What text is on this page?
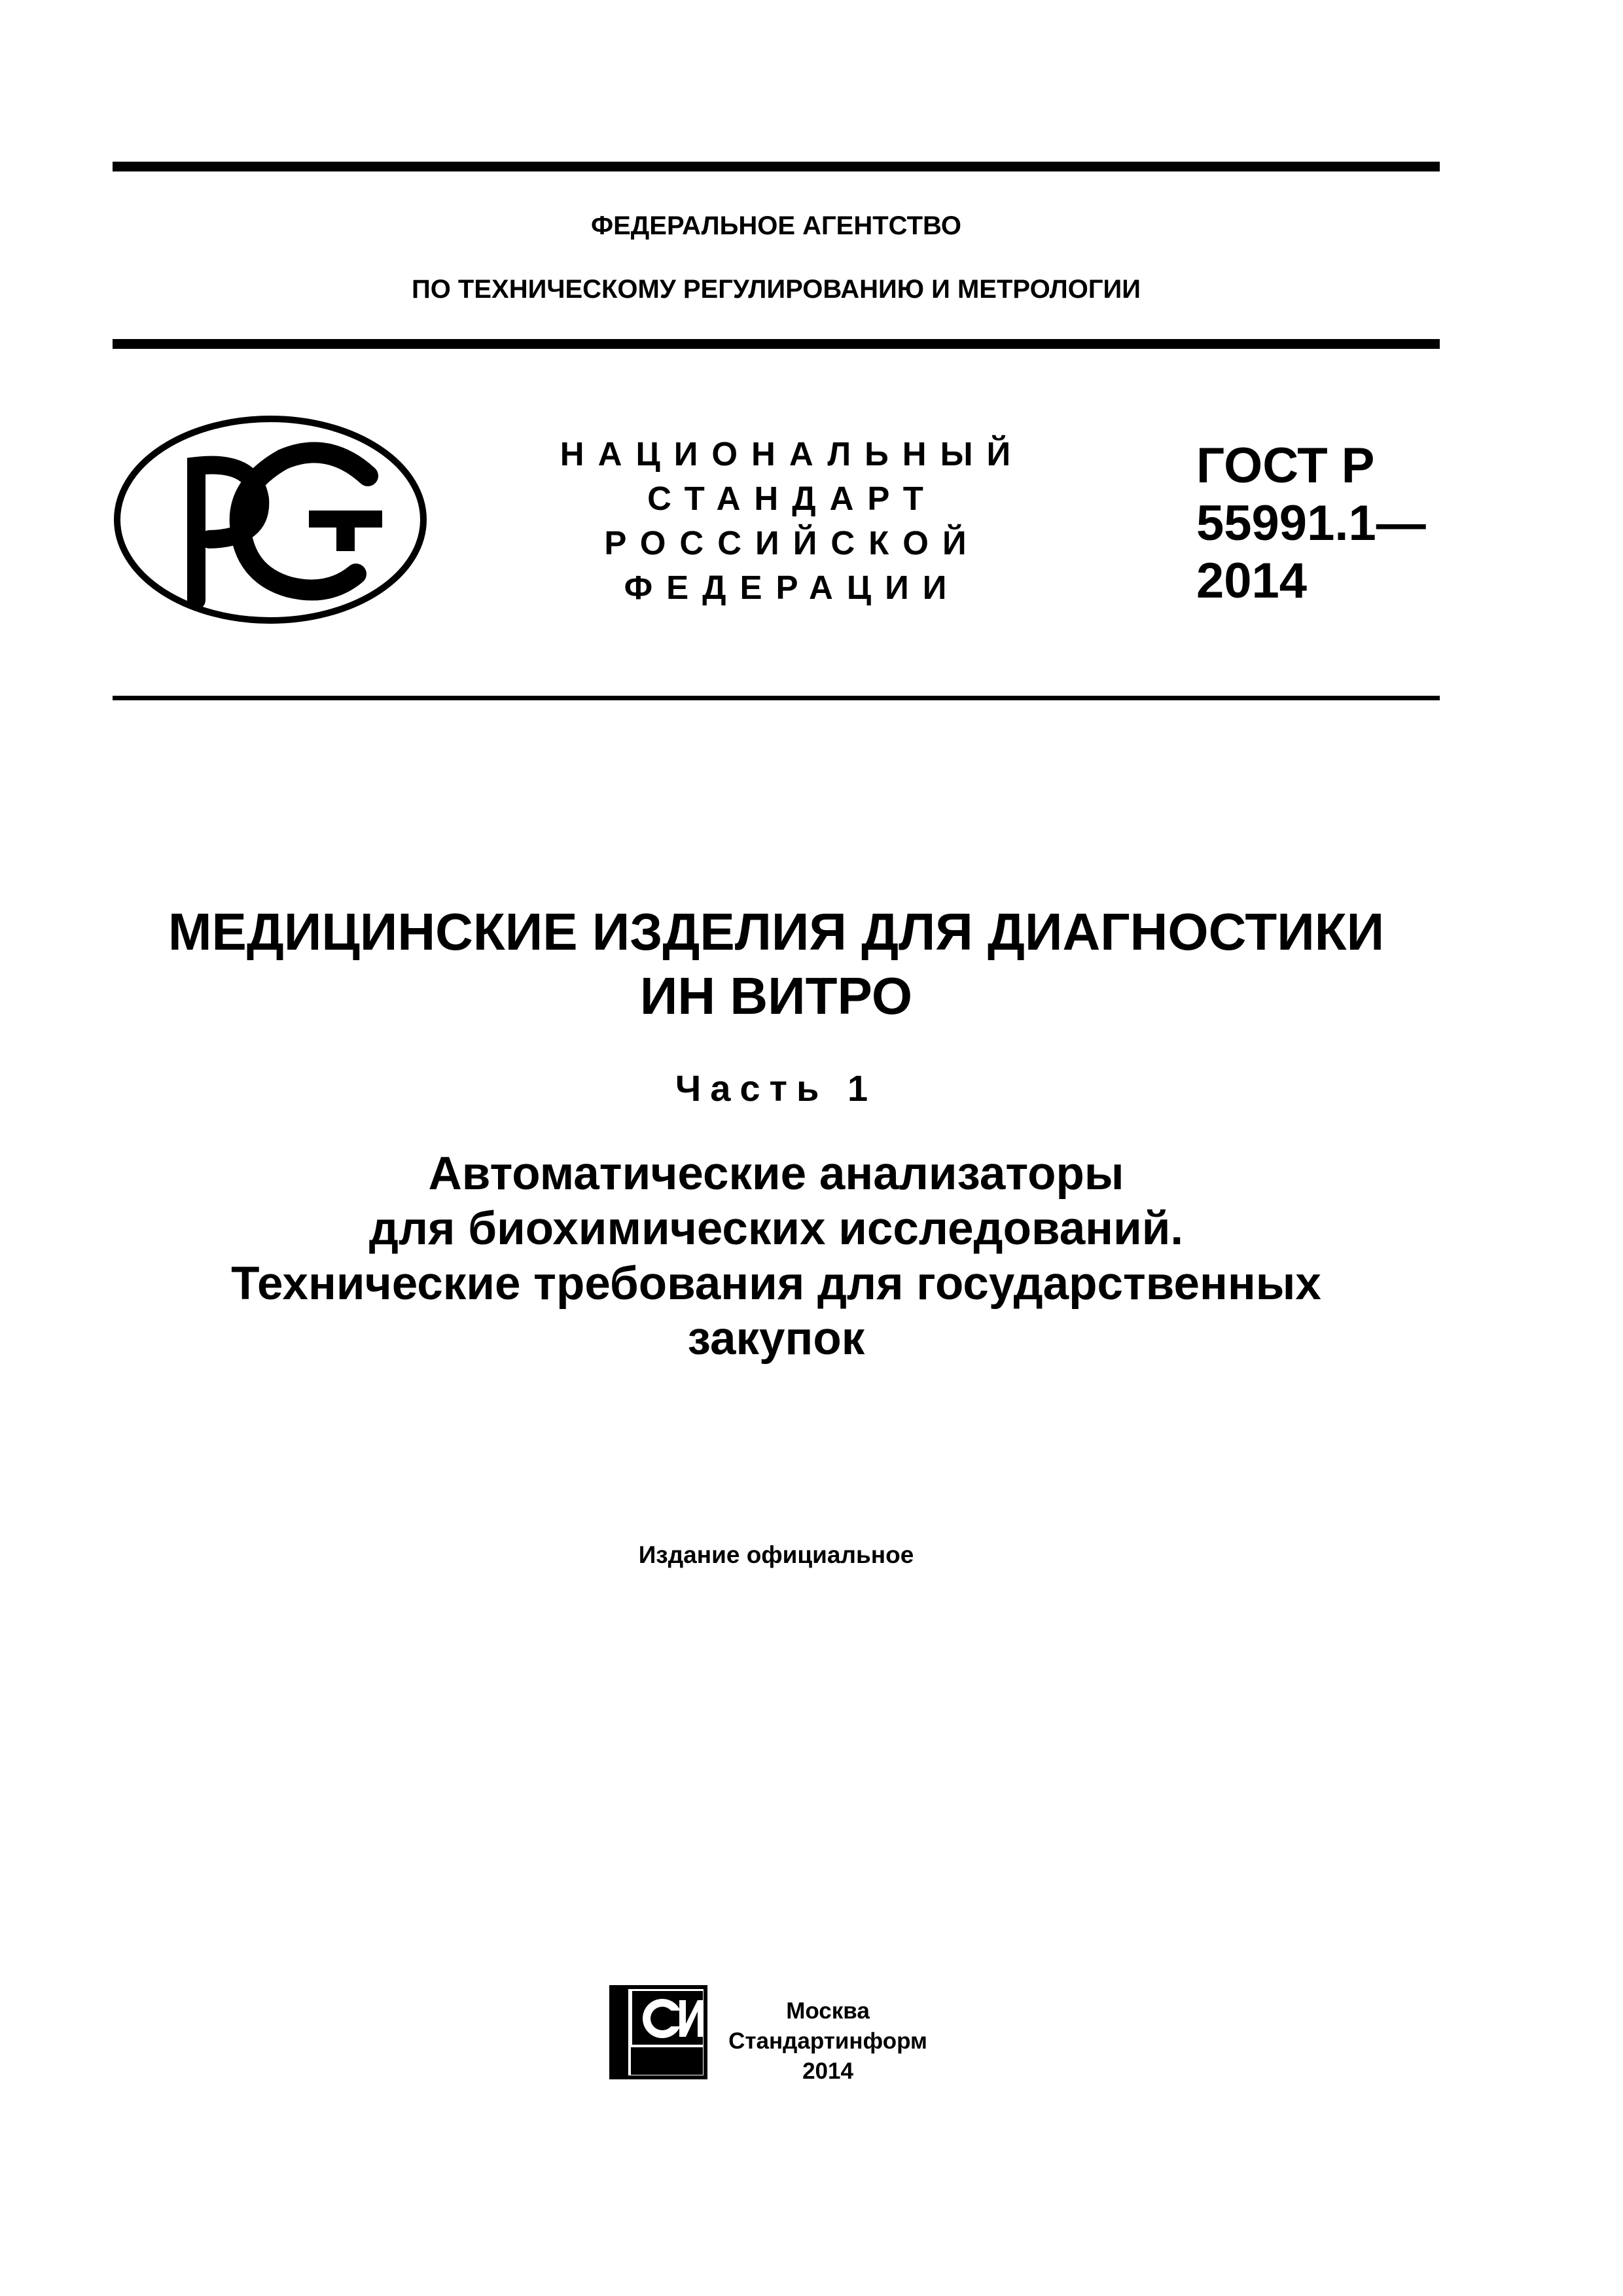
ФЕДЕРАЛЬНОЕ АГЕНТСТВО
ПО ТЕХНИЧЕСКОМУ РЕГУЛИРОВАНИЮ И МЕТРОЛОГИИ
НАЦИОНАЛЬНЫЙ
СТАНДАРТ
РОССИЙСКОЙ
ФЕДЕРАЦИИ
ГОСТ Р
55991.1—
2014
МЕДИЦИНСКИЕ ИЗДЕЛИЯ ДЛЯ ДИАГНОСТИКИ
ИН ВИТРО
Часть 1
Автоматические анализаторы
для биохимических исследований.
Технические требования для государственных
закупок
Издание официальное
Москва
Стандартинформ
2014
